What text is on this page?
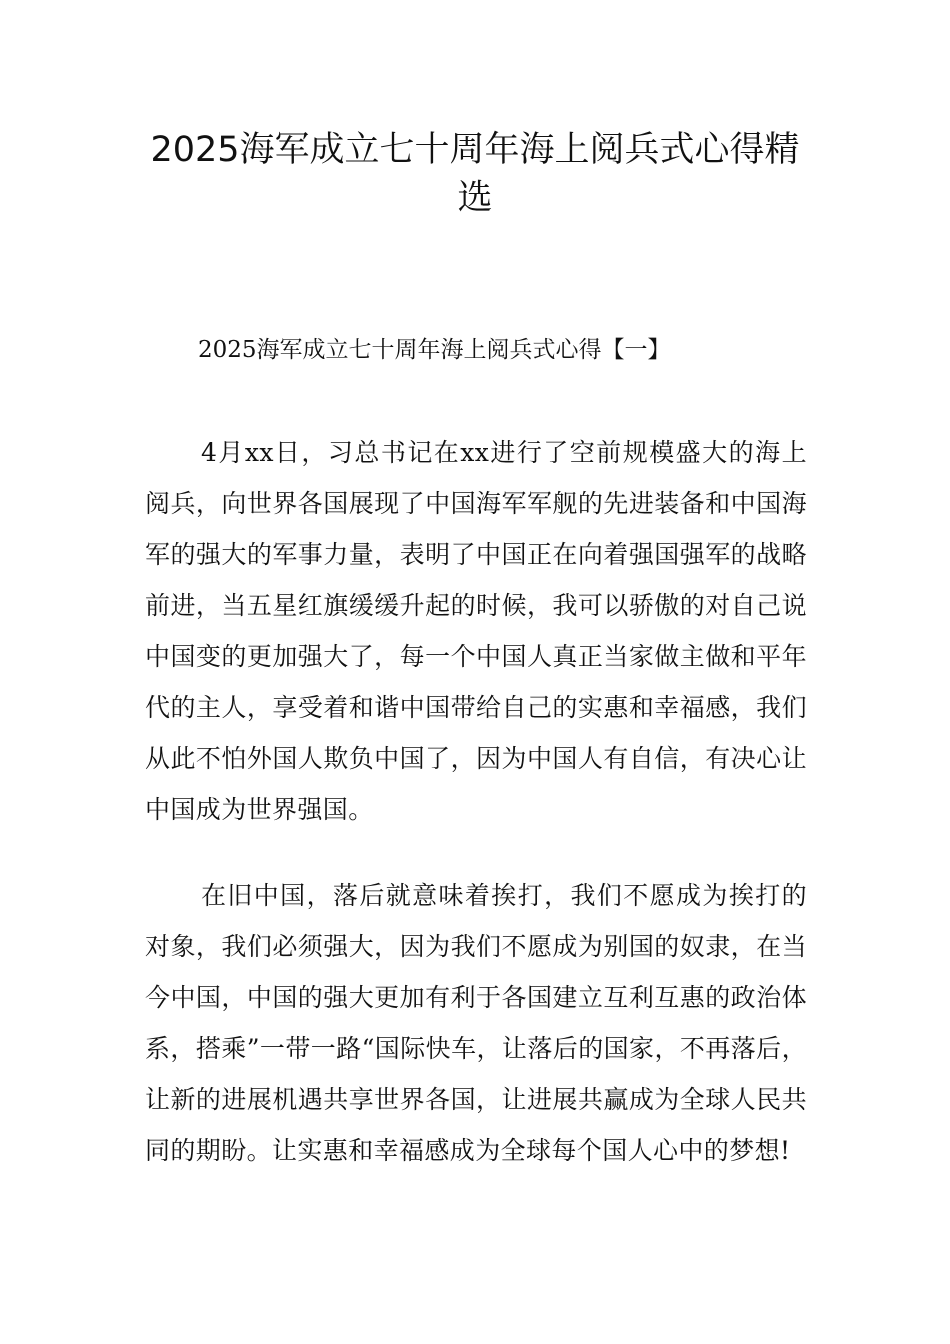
2025海军成立七十周年海上阅兵式心得精选

2025海军成立七十周年海上阅兵式心得【一】

4月xx日，习总书记在xx进行了空前规模盛大的海上阅兵，向世界各国展现了中国海军军舰的先进装备和中国海军的强大的军事力量，表明了中国正在向着强国强军的战略前进，当五星红旗缓缓升起的时候，我可以骄傲的对自己说中国变的更加强大了，每一个中国人真正当家做主做和平年代的主人，享受着和谐中国带给自己的实惠和幸福感，我们从此不怕外国人欺负中国了，因为中国人有自信，有决心让中国成为世界强国。

在旧中国，落后就意味着挨打，我们不愿成为挨打的对象，我们必须强大，因为我们不愿成为别国的奴隶，在当今中国，中国的强大更加有利于各国建立互利互惠的政治体系，搭乘”一带一路“国际快车，让落后的国家，不再落后，让新的进展机遇共享世界各国，让进展共赢成为全球人民共同的期盼。让实惠和幸福感成为全球每个国人心中的梦想!
